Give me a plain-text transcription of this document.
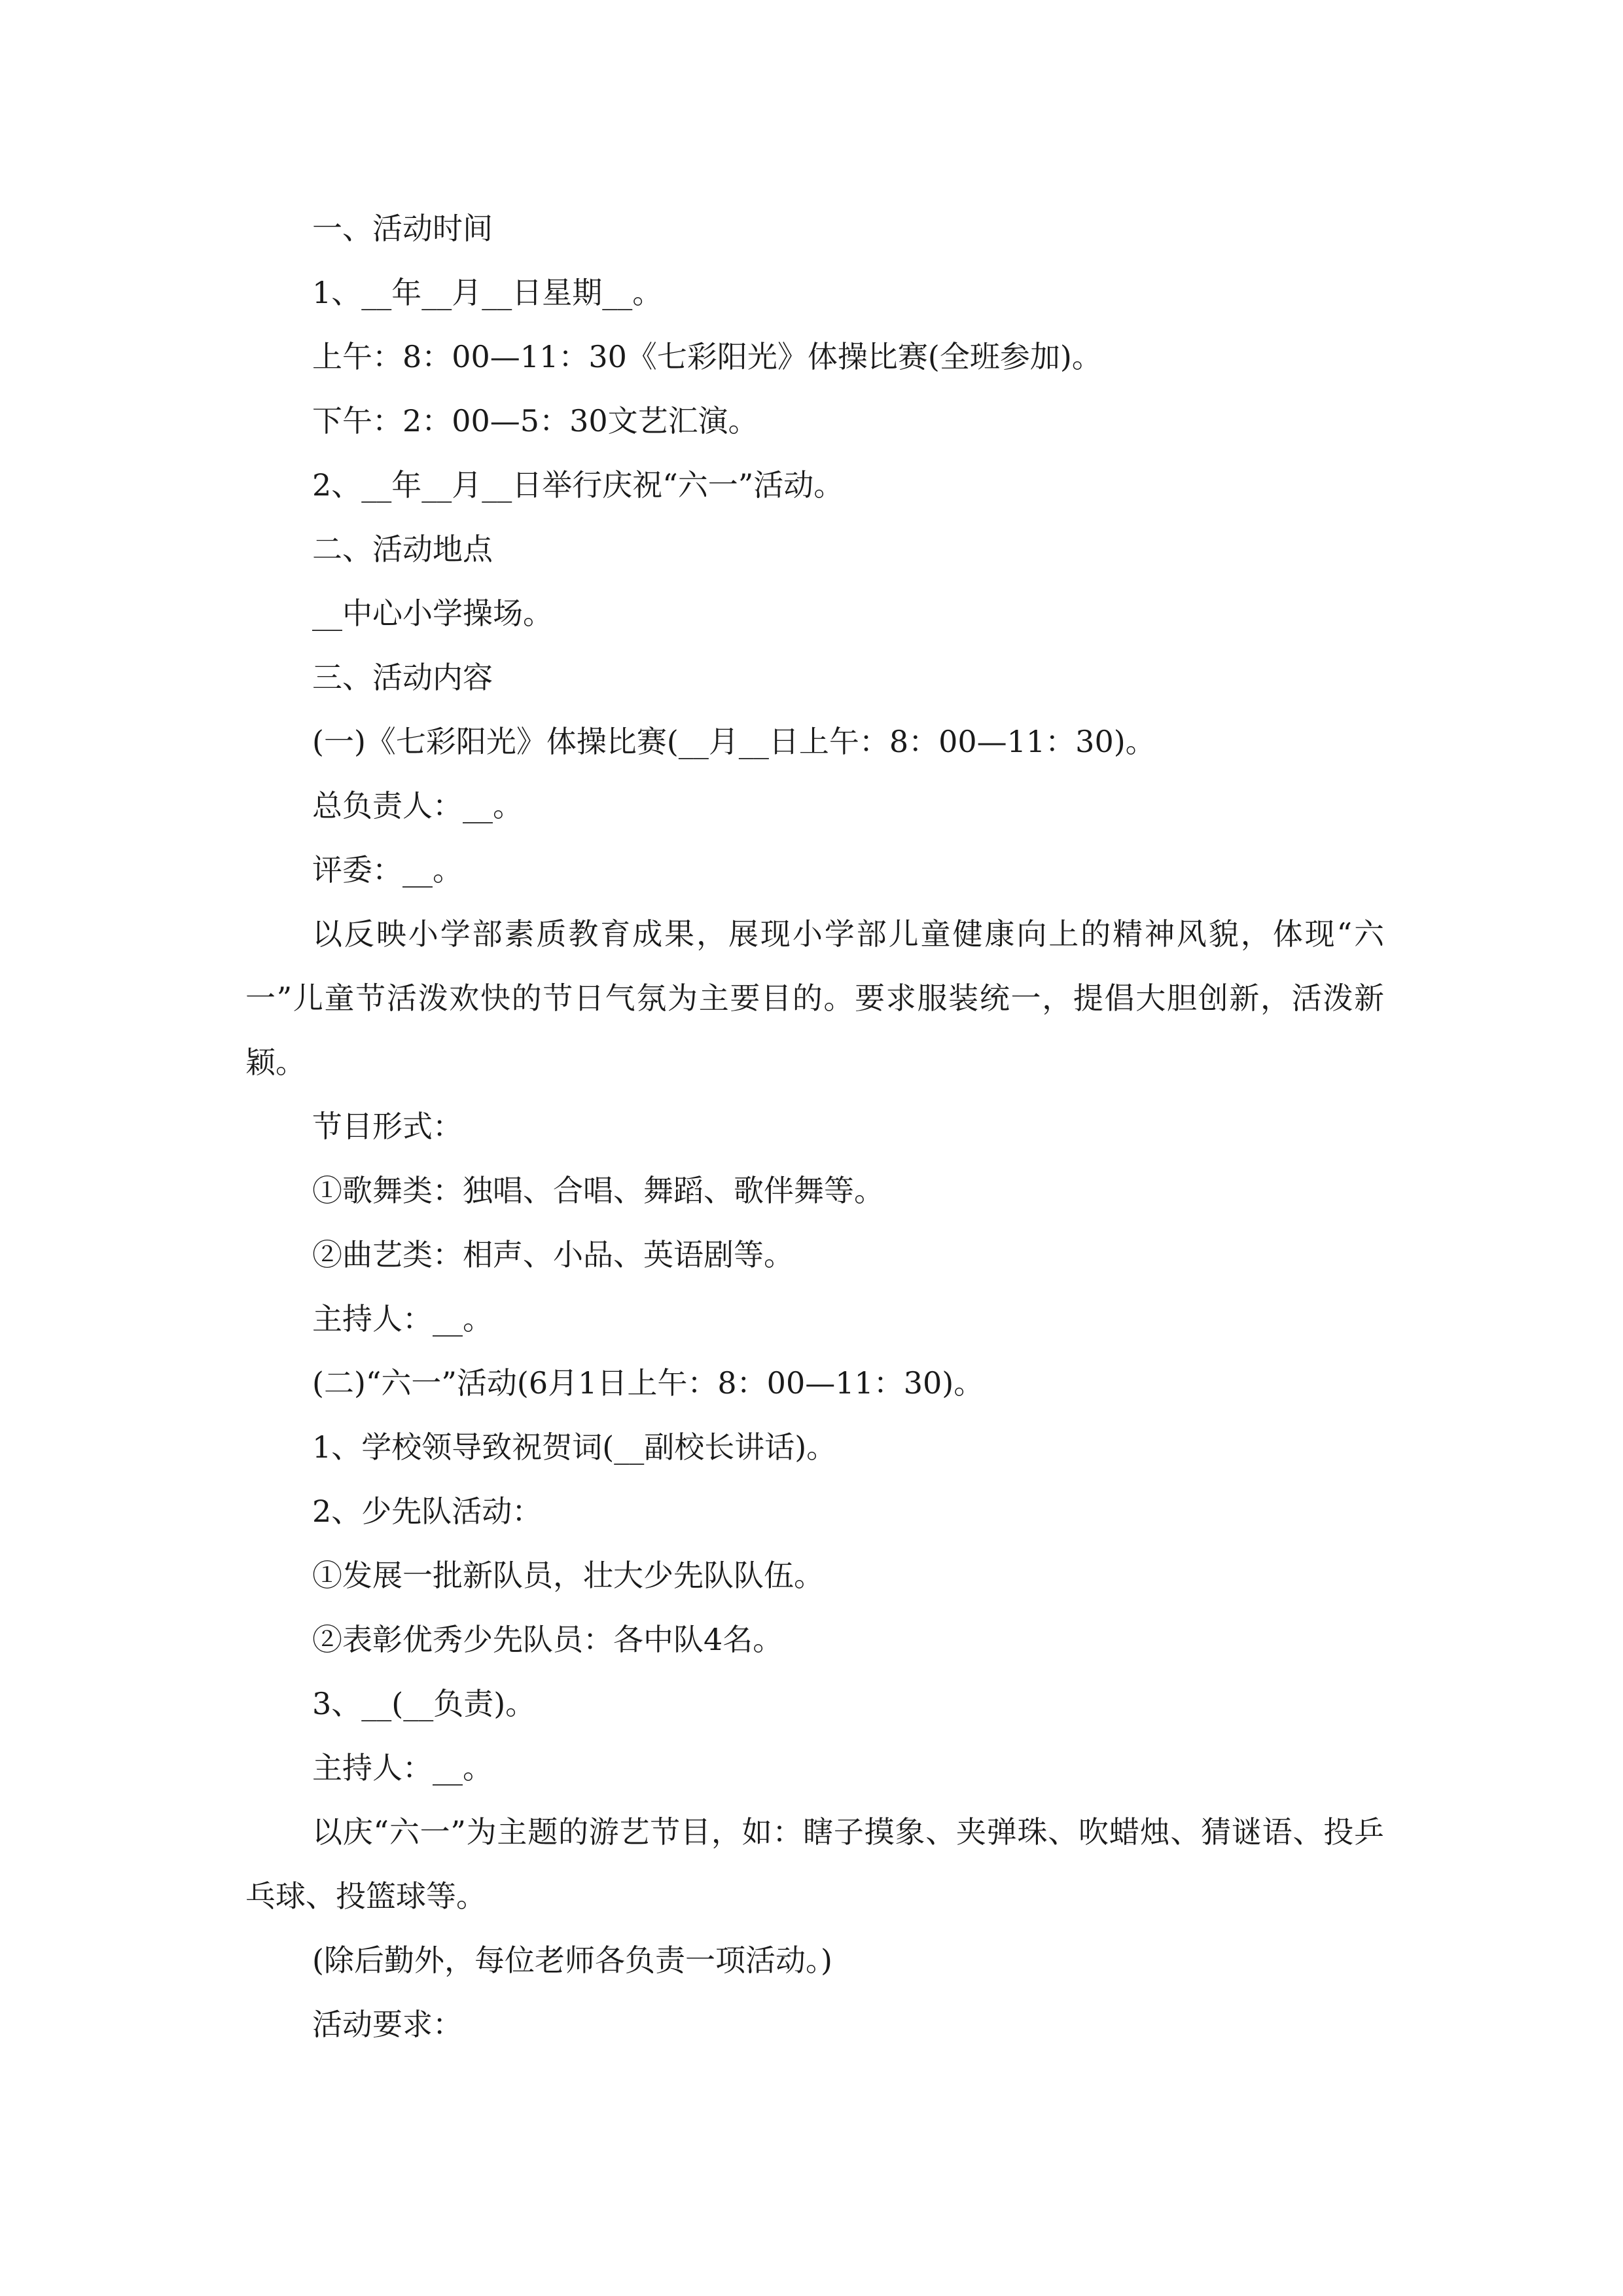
一、活动时间

1、__年__月__日星期__。

上午：8：00—11：30《七彩阳光》体操比赛(全班参加)。

下午：2：00—5：30文艺汇演。

2、__年__月__日举行庆祝“六一”活动。

二、活动地点

__中心小学操场。

三、活动内容

(一)《七彩阳光》体操比赛(__月__日上午：8：00—11：30)。

总负责人：__。

评委：__。

以反映小学部素质教育成果，展现小学部儿童健康向上的精神风貌，体现“六一”儿童节活泼欢快的节日气氛为主要目的。要求服装统一，提倡大胆创新，活泼新颖。

节目形式：

①歌舞类：独唱、合唱、舞蹈、歌伴舞等。

②曲艺类：相声、小品、英语剧等。

主持人：__。

(二)“六一”活动(6月1日上午：8：00—11：30)。

1、学校领导致祝贺词(__副校长讲话)。

2、少先队活动：

①发展一批新队员，壮大少先队队伍。

②表彰优秀少先队员：各中队4名。

3、__(__负责)。

主持人：__。

以庆“六一”为主题的游艺节目，如：瞎子摸象、夹弹珠、吹蜡烛、猜谜语、投乒乓球、投篮球等。

(除后勤外，每位老师各负责一项活动。)

活动要求：
